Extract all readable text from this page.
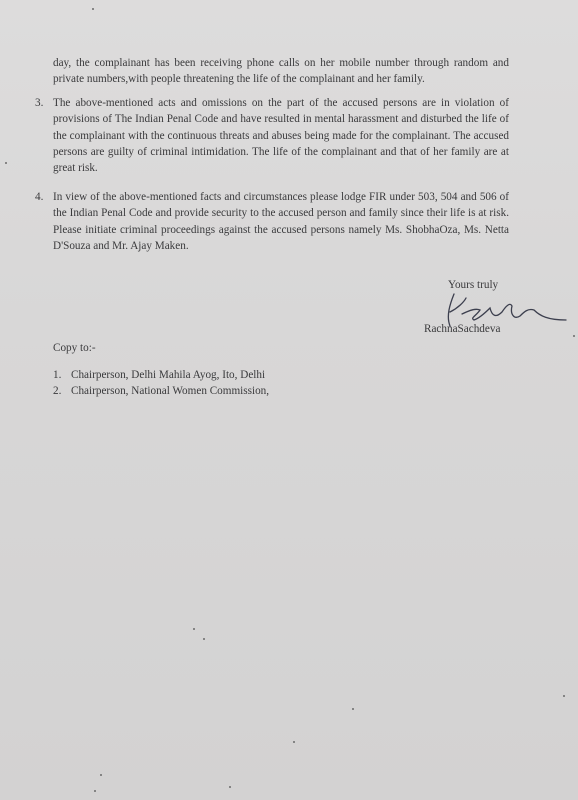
day, the complainant has been receiving phone calls on her mobile number through random and private numbers,with people threatening the life of the complainant and her family.

3. The above-mentioned acts and omissions on the part of the accused persons are in violation of provisions of The Indian Penal Code and have resulted in mental harassment and disturbed the life of the complainant with the continuous threats and abuses being made for the complainant. The accused persons are guilty of criminal intimidation. The life of the complainant and that of her family are at great risk.

4. In view of the above-mentioned facts and circumstances please lodge FIR under 503, 504 and 506 of the Indian Penal Code and provide security to the accused person and family since their life is at risk. Please initiate criminal proceedings against the accused persons namely Ms. ShobhaOza, Ms. Netta D'Souza and Mr. Ajay Maken.

Yours truly
RachnaSachdeva
Copy to:-
1. Chairperson, Delhi Mahila Ayog, Ito, Delhi
2. Chairperson, National Women Commission,
